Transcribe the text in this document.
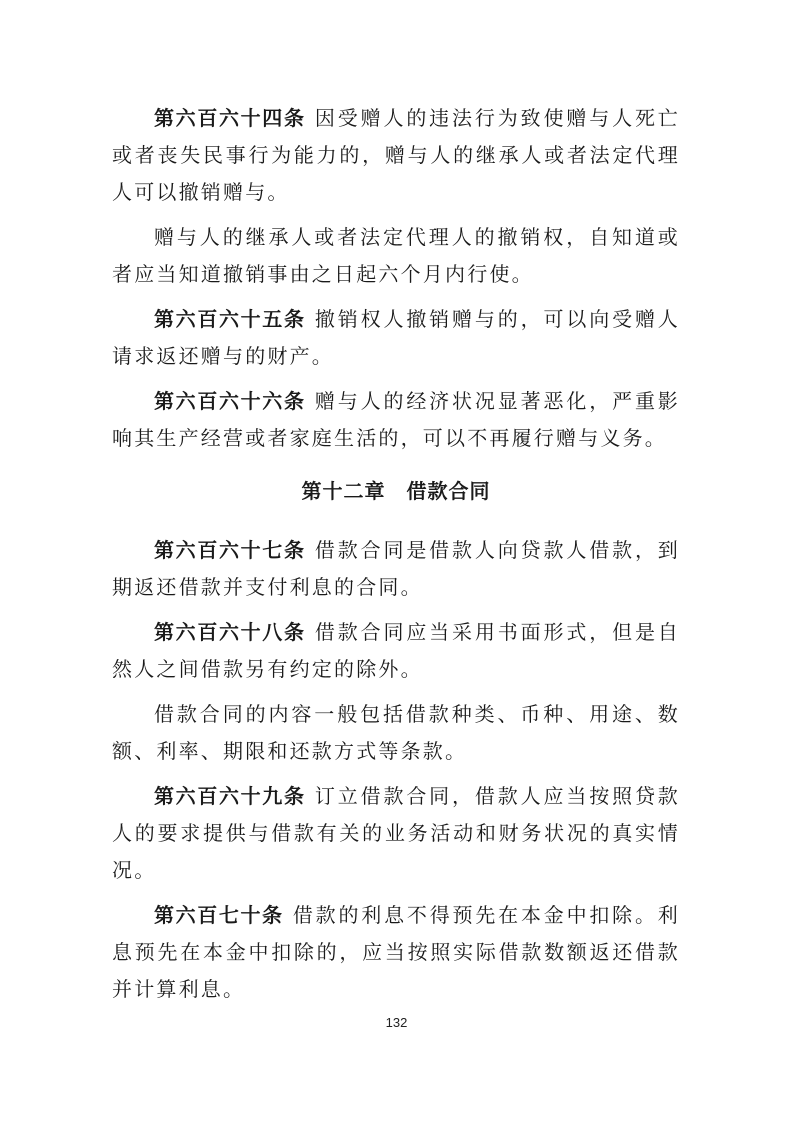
第六百六十四条 因受赠人的违法行为致使赠与人死亡或者丧失民事行为能力的，赠与人的继承人或者法定代理人可以撤销赠与。

赠与人的继承人或者法定代理人的撤销权，自知道或者应当知道撤销事由之日起六个月内行使。

第六百六十五条 撤销权人撤销赠与的，可以向受赠人请求返还赠与的财产。

第六百六十六条 赠与人的经济状况显著恶化，严重影响其生产经营或者家庭生活的，可以不再履行赠与义务。

第十二章　借款合同

第六百六十七条 借款合同是借款人向贷款人借款，到期返还借款并支付利息的合同。

第六百六十八条 借款合同应当采用书面形式，但是自然人之间借款另有约定的除外。

借款合同的内容一般包括借款种类、币种、用途、数额、利率、期限和还款方式等条款。

第六百六十九条 订立借款合同，借款人应当按照贷款人的要求提供与借款有关的业务活动和财务状况的真实情况。

第六百七十条 借款的利息不得预先在本金中扣除。利息预先在本金中扣除的，应当按照实际借款数额返还借款并计算利息。

132
